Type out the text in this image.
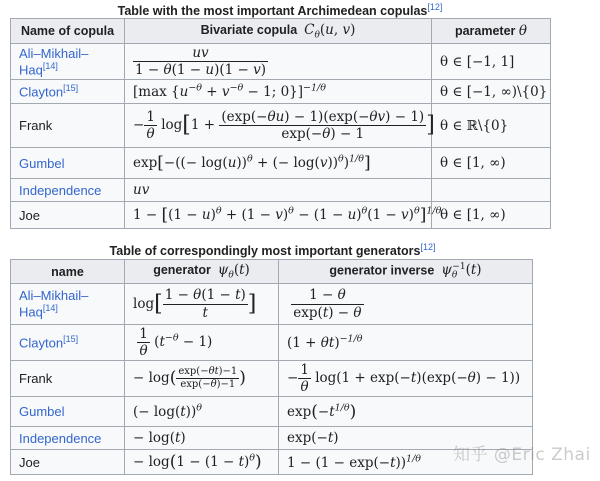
Table with the most important Archimedean copulas[12]
Name of copula	Bivariate copula $C_\theta(u$, v)	parameter θ
Ali–Mikhail–Haq[14]	$\frac{uv}{1 - \theta(1 - u)(1 - v)}$	θ ∈ [−1, 1]
Clayton[15]	[max {$u^{-\theta} + v^{-\theta} - 1$; 0}]$^{-1/\theta}$	θ ∈ [−1, ∞)\{0}
Frank	− $\frac{1}{\theta} \log[1 + \frac{(\exp(-\theta u) - 1)(\exp(-\theta v) - 1)}{\exp(-\theta) - 1}$ ]	θ ∈ ℝ\{0}
Gumbel	$\exp[-((- \log(u))^\theta$ + (− log(v))$^\theta$)$^{1/\theta}$]	θ ∈ [1, ∞)
Independence	uv	
Joe	$1 - [(1 - u)^\theta + (1 - v)^\theta - (1 - u)^\theta(1 - v)^\theta]^{1/\theta}$	θ ∈ [1, ∞)
Table of correspondingly most important generators[12]
name	generator $\psi_\theta(t)$	generator inverse $\psi_\theta^{-1}(t)$
Ali–Mikhail–Haq[14]	$\log[ \frac{1 - \theta(1 - t)}{t}$ ]	$\frac{1 - \theta}{\exp(t) - \theta}$

Clayton[15]	$\frac{1}{\theta} (t^{-\theta} - 1)$	$(1 + \theta t)^{-1/\theta}$
Frank	− $\log( \frac{\exp(-\theta t)-1}{\exp(-\theta)-1}$ )	− $\frac{1}{\theta} \log(1 + \exp(-t)(\exp(-\theta) - 1))$
Gumbel	(− log(t))$^\theta$	$\exp(-t^{1/\theta})$
Independence	− log(t)	exp(−t)
Joe	− $\log(1 - (1 - t)^\theta)$	$1 - (1 - \exp(-t))^{1/\theta}$ 知乎 @Eric Zhai
